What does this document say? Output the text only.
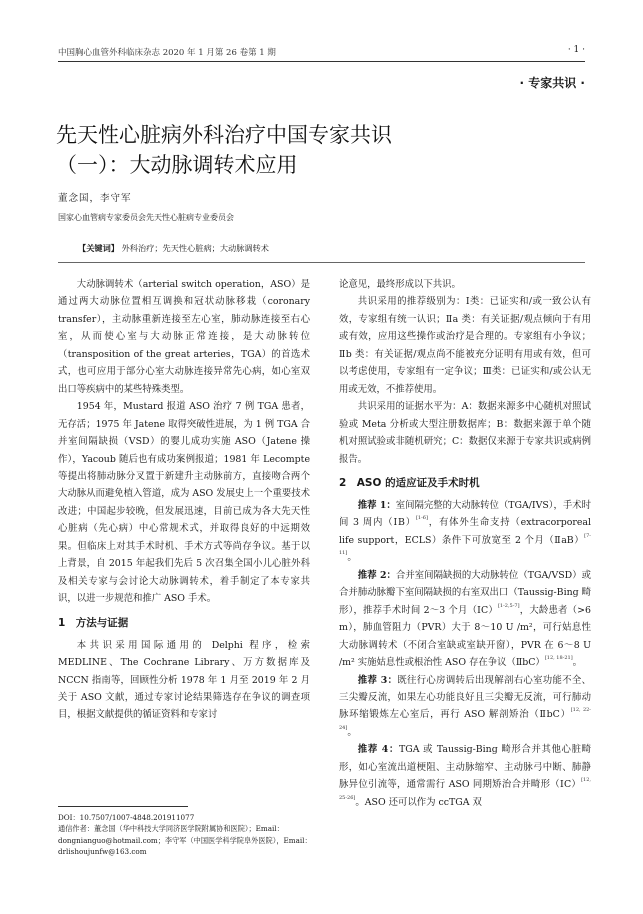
中国胸心血管外科临床杂志 2020 年 1 月第 26 卷第 1 期	· 1 ·
· 专家共识 ·
先天性心脏病外科治疗中国专家共识
（一）：大动脉调转术应用
董念国，李守军
国家心血管病专家委员会先天性心脏病专业委员会
【关键词】 外科治疗；先天性心脏病；大动脉调转术

大动脉调转术（arterial switch operation，ASO）是通过两大动脉位置相互调换和冠状动脉移栽（coronary transfer），主动脉重新连接至左心室，肺动脉连接至右心室，从而使心室与大动脉正常连接，是大动脉转位（transposition of the great arteries，TGA）的首选术式，也可应用于部分心室大动脉连接异常先心病，如心室双出口等疾病中的某些特殊类型。

1954 年，Mustard 报道 ASO 治疗 7 例 TGA 患者，无存活；1975 年 Jatene 取得突破性进展，为 1 例 TGA 合并室间隔缺损（VSD）的婴儿成功实施 ASO（Jatene 操作），Yacoub 随后也有成功案例报道；1981 年 Lecompte 等提出将肺动脉分叉置于新建升主动脉前方，直接吻合两个大动脉从而避免植入管道，成为 ASO 发展史上一个重要技术改进；中国起步较晚，但发展迅速，目前已成为各大先天性心脏病（先心病）中心常规术式，并取得良好的中远期效果。但临床上对其手术时机、手术方式等尚存争议。基于以上背景，自 2015 年起我们先后 5 次召集全国小儿心脏外科及相关专家与会讨论大动脉调转术，着手制定了本专家共识，以进一步规范和推广 ASO 手术。

1　方法与证据

本共识采用国际通用的 Delphi 程序，检索 MEDLINE、The Cochrane Library、万方数据库及 NCCN 指南等，回顾性分析 1978 年 1 月至 2019 年 2 月关于 ASO 文献，通过专家讨论结果筛选存在争议的调查项目，根据文献提供的循证资料和专家讨

论意见，最终形成以下共识。

共识采用的推荐级别为：Ⅰ类：已证实和/或一致公认有效，专家组有统一认识；Ⅱa 类：有关证据/观点倾向于有用或有效，应用这些操作或治疗是合理的。专家组有小争议；Ⅱb 类：有关证据/观点尚不能被充分证明有用或有效，但可以考虑使用，专家组有一定争议；Ⅲ类：已证实和/或公认无用或无效，不推荐使用。

共识采用的证据水平为：A：数据来源多中心随机对照试验或 Meta 分析或大型注册数据库；B：数据来源于单个随机对照试验或非随机研究；C：数据仅来源于专家共识或病例报告。

2　ASO 的适应证及手术时机

推荐 1：室间隔完整的大动脉转位（TGA/IVS），手术时间 3 周内（ⅠB）[1-6]，有体外生命支持（extracorporeal life support，ECLS）条件下可放宽至 2 个月（ⅡaB）[7-11]。

推荐 2：合并室间隔缺损的大动脉转位（TGA/VSD）或合并肺动脉瓣下室间隔缺损的右室双出口（Taussig-Bing 畸形），推荐手术时间 2～3 个月（ⅠC）[1-2,5-7]，大龄患者（>6 m），肺血管阻力（PVR）大于 8～10 U /m²，可行姑息性大动脉调转术（不闭合室缺或室缺开窗），PVR 在 6～8 U /m² 实施姑息性或根治性 ASO 存在争议（ⅡbC）[12, 18-21]。

推荐 3：既往行心房调转后出现解剖右心室功能不全、三尖瓣反流，如果左心功能良好且三尖瓣无反流，可行肺动脉环缩锻炼左心室后，再行 ASO 解剖矫治（ⅡbC）[12, 22-24]。

推荐 4：TGA 或 Taussig-Bing 畸形合并其他心脏畸形，如心室流出道梗阻、主动脉缩窄、主动脉弓中断、肺静脉异位引流等，通常需行 ASO 同期矫治合并畸形（ⅠC）[12, 25-26]。ASO 还可以作为 ccTGA 双

DOI：10.7507/1007-4848.201911077

通信作者：董念国（华中科技大学同济医学院附属协和医院）；Email：dongnianguo@hotmail.com；李守军（中国医学科学院阜外医院），Email：drlishoujunfw@163.com
